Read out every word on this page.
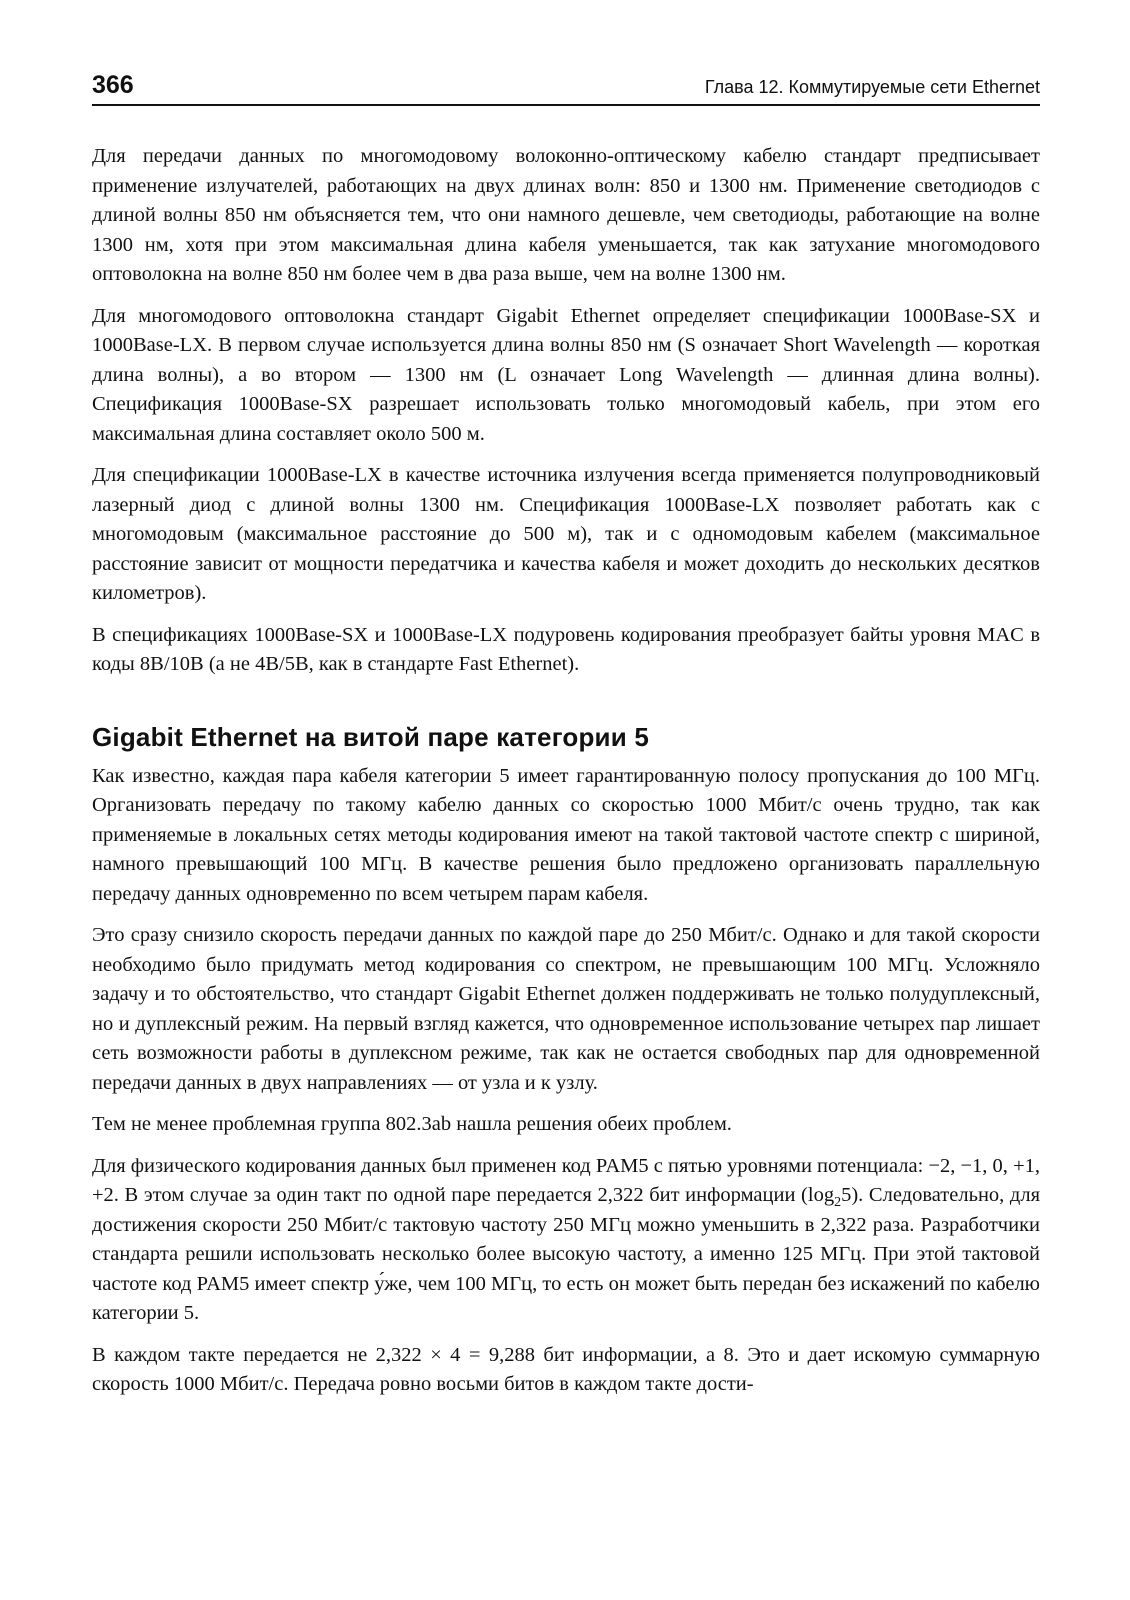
366	Глава 12. Коммутируемые сети Ethernet

Для передачи данных по многомодовому волоконно-оптическому кабелю стандарт предписывает применение излучателей, работающих на двух длинах волн: 850 и 1300 нм. Применение светодиодов с длиной волны 850 нм объясняется тем, что они намного дешевле, чем светодиоды, работающие на волне 1300 нм, хотя при этом максимальная длина кабеля уменьшается, так как затухание многомодового оптоволокна на волне 850 нм более чем в два раза выше, чем на волне 1300 нм.

Для многомодового оптоволокна стандарт Gigabit Ethernet определяет спецификации 1000Base-SX и 1000Base-LX. В первом случае используется длина волны 850 нм (S означает Short Wavelength — короткая длина волны), а во втором — 1300 нм (L означает Long Wavelength — длинная длина волны). Спецификация 1000Base-SX разрешает использовать только многомодовый кабель, при этом его максимальная длина составляет около 500 м.

Для спецификации 1000Base-LX в качестве источника излучения всегда применяется полупроводниковый лазерный диод с длиной волны 1300 нм. Спецификация 1000Base-LX позволяет работать как с многомодовым (максимальное расстояние до 500 м), так и с одномодовым кабелем (максимальное расстояние зависит от мощности передатчика и качества кабеля и может доходить до нескольких десятков километров).

В спецификациях 1000Base-SX и 1000Base-LX подуровень кодирования преобразует байты уровня MAC в коды 8B/10B (а не 4B/5B, как в стандарте Fast Ethernet).

Gigabit Ethernet на витой паре категории 5

Как известно, каждая пара кабеля категории 5 имеет гарантированную полосу пропускания до 100 МГц. Организовать передачу по такому кабелю данных со скоростью 1000 Мбит/с очень трудно, так как применяемые в локальных сетях методы кодирования имеют на такой тактовой частоте спектр с шириной, намного превышающий 100 МГц. В качестве решения было предложено организовать параллельную передачу данных одновременно по всем четырем парам кабеля.

Это сразу снизило скорость передачи данных по каждой паре до 250 Мбит/с. Однако и для такой скорости необходимо было придумать метод кодирования со спектром, не превышающим 100 МГц. Усложняло задачу и то обстоятельство, что стандарт Gigabit Ethernet должен поддерживать не только полудуплексный, но и дуплексный режим. На первый взгляд кажется, что одновременное использование четырех пар лишает сеть возможности работы в дуплексном режиме, так как не остается свободных пар для одновременной передачи данных в двух направлениях — от узла и к узлу.

Тем не менее проблемная группа 802.3ab нашла решения обеих проблем.

Для физического кодирования данных был применен код PAM5 с пятью уровнями потенциала: −2, −1, 0, +1, +2. В этом случае за один такт по одной паре передается 2,322 бит информации $(\log_25)$. Следовательно, для достижения скорости 250 Мбит/с тактовую частоту 250 МГц можно уменьшить в 2,322 раза. Разработчики стандарта решили использовать несколько более высокую частоту, а именно 125 МГц. При этой тактовой частоте код PAM5 имеет спектр у́же, чем 100 МГц, то есть он может быть передан без искажений по кабелю категории 5.

В каждом такте передается не 2,322 × 4 = 9,288 бит информации, а 8. Это и дает искомую суммарную скорость 1000 Мбит/с. Передача ровно восьми битов в каждом такте дости-
